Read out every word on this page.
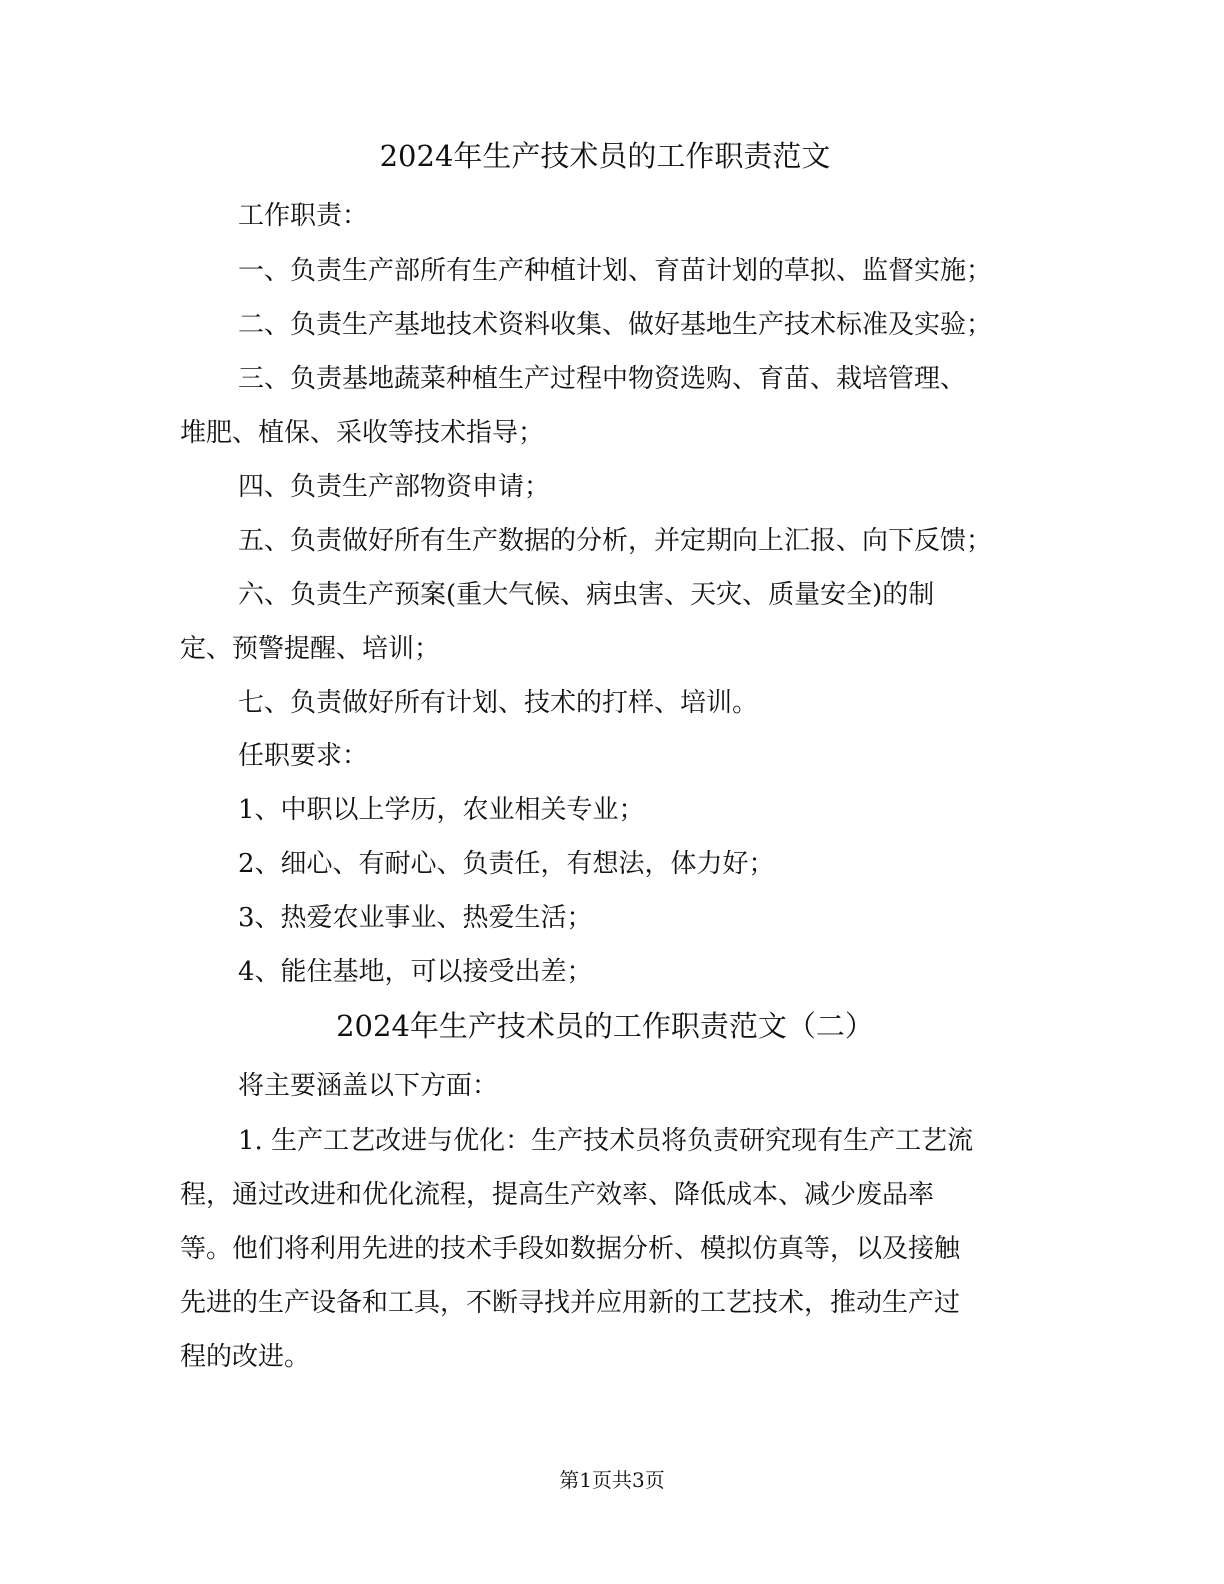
2024年生产技术员的工作职责范文

工作职责：

一、负责生产部所有生产种植计划、育苗计划的草拟、监督实施；

二、负责生产基地技术资料收集、做好基地生产技术标准及实验；

三、负责基地蔬菜种植生产过程中物资选购、育苗、栽培管理、

堆肥、植保、采收等技术指导；

四、负责生产部物资申请；

五、负责做好所有生产数据的分析，并定期向上汇报、向下反馈；

六、负责生产预案(重大气候、病虫害、天灾、质量安全)的制

定、预警提醒、培训；

七、负责做好所有计划、技术的打样、培训。

任职要求：

1、中职以上学历，农业相关专业；

2、细心、有耐心、负责任，有想法，体力好；

3、热爱农业事业、热爱生活；

4、能住基地，可以接受出差；

2024年生产技术员的工作职责范文（二）

将主要涵盖以下方面：

1. 生产工艺改进与优化：生产技术员将负责研究现有生产工艺流

程，通过改进和优化流程，提高生产效率、降低成本、减少废品率

等。他们将利用先进的技术手段如数据分析、模拟仿真等，以及接触

先进的生产设备和工具，不断寻找并应用新的工艺技术，推动生产过

程的改进。

第1页共3页
